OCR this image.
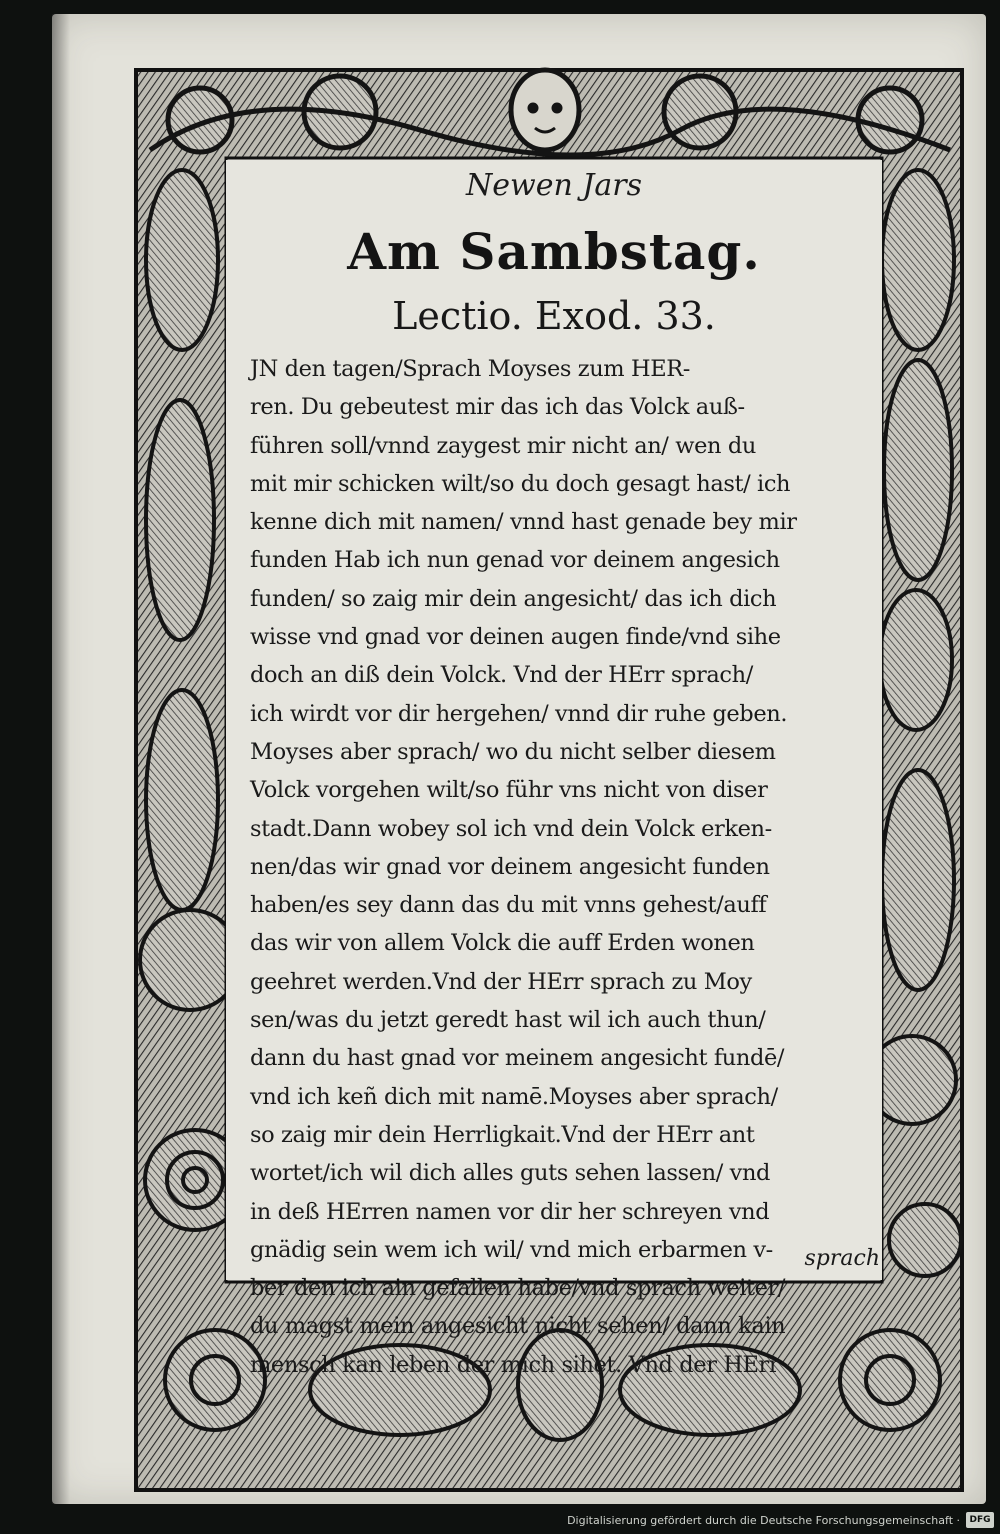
Newen Jars
Am Sambstag.
Lectio. Exod. 33.
JN den tagen/Sprach Moyses zum HER-
ren. Du gebeutest mir das ich das Volck auß-
führen soll/vnnd zaygest mir nicht an/ wen du
mit mir schicken wilt/so du doch gesagt hast/ ich
kenne dich mit namen/ vnnd hast genade bey mir
funden Hab ich nun genad vor deinem angesich
funden/ so zaig mir dein angesicht/ das ich dich
wisse vnd gnad vor deinen augen finde/vnd sihe
doch an diß dein Volck. Vnd der HErr sprach/
ich wirdt vor dir hergehen/ vnnd dir ruhe geben.
Moyses aber sprach/ wo du nicht selber diesem
Volck vorgehen wilt/so führ vns nicht von diser
stadt.Dann wobey sol ich vnd dein Volck erken-
nen/das wir gnad vor deinem angesicht funden
haben/es sey dann das du mit vnns gehest/auff
das wir von allem Volck die auff Erden wonen
geehret werden.Vnd der HErr sprach zu Moy
sen/was du jetzt geredt hast wil ich auch thun/
dann du hast gnad vor meinem angesicht fundē/
vnd ich keñ dich mit namē.Moyses aber sprach/
so zaig mir dein Herrligkait.Vnd der HErr ant
wortet/ich wil dich alles guts sehen lassen/ vnd
in deß HErren namen vor dir her schreyen vnd
gnädig sein wem ich wil/ vnd mich erbarmen v-
ber den ich ain gefallen habe/vnd sprach weiter/
du magst mein angesicht nicht sehen/ dann kain
mensch kan leben der mich sihet. Vnd der HErr
sprach
Digitalisierung gefördert durch die Deutsche Forschungsgemeinschaft ·	DFG
